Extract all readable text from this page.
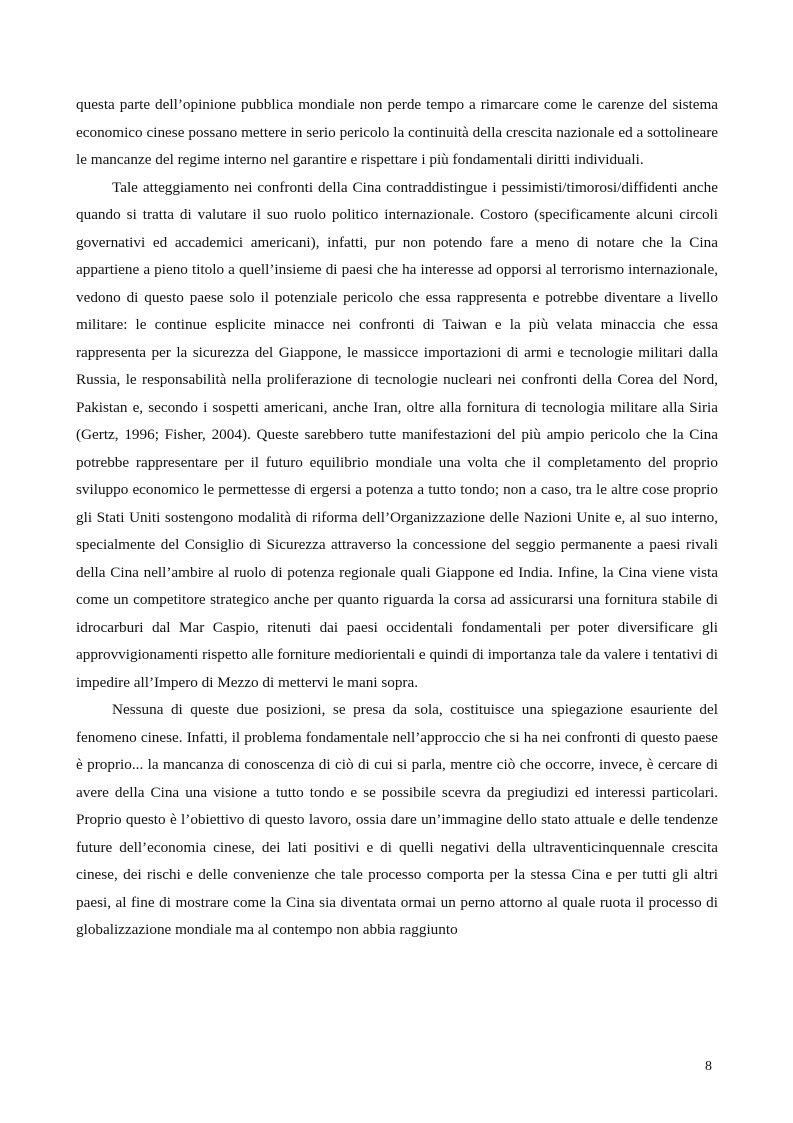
questa parte dell’opinione pubblica mondiale non perde tempo a rimarcare come le carenze del sistema economico cinese possano mettere in serio pericolo la continuità della crescita nazionale ed a sottolineare le mancanze del regime interno nel garantire e rispettare i più fondamentali diritti individuali.

Tale atteggiamento nei confronti della Cina contraddistingue i pessimisti/timorosi/diffidenti anche quando si tratta di valutare il suo ruolo politico internazionale. Costoro (specificamente alcuni circoli governativi ed accademici americani), infatti, pur non potendo fare a meno di notare che la Cina appartiene a pieno titolo a quell’insieme di paesi che ha interesse ad opporsi al terrorismo internazionale, vedono di questo paese solo il potenziale pericolo che essa rappresenta e potrebbe diventare a livello militare: le continue esplicite minacce nei confronti di Taiwan e la più velata minaccia che essa rappresenta per la sicurezza del Giappone, le massicce importazioni di armi e tecnologie militari dalla Russia, le responsabilità nella proliferazione di tecnologie nucleari nei confronti della Corea del Nord, Pakistan e, secondo i sospetti americani, anche Iran, oltre alla fornitura di tecnologia militare alla Siria (Gertz, 1996; Fisher, 2004). Queste sarebbero tutte manifestazioni del più ampio pericolo che la Cina potrebbe rappresentare per il futuro equilibrio mondiale una volta che il completamento del proprio sviluppo economico le permettesse di ergersi a potenza a tutto tondo; non a caso, tra le altre cose proprio gli Stati Uniti sostengono modalità di riforma dell’Organizzazione delle Nazioni Unite e, al suo interno, specialmente del Consiglio di Sicurezza attraverso la concessione del seggio permanente a paesi rivali della Cina nell’ambire al ruolo di potenza regionale quali Giappone ed India. Infine, la Cina viene vista come un competitore strategico anche per quanto riguarda la corsa ad assicurarsi una fornitura stabile di idrocarburi dal Mar Caspio, ritenuti dai paesi occidentali fondamentali per poter diversificare gli approvvigionamenti rispetto alle forniture mediorientali e quindi di importanza tale da valere i tentativi di impedire all’Impero di Mezzo di mettervi le mani sopra.

Nessuna di queste due posizioni, se presa da sola, costituisce una spiegazione esauriente del fenomeno cinese. Infatti, il problema fondamentale nell’approccio che si ha nei confronti di questo paese è proprio... la mancanza di conoscenza di ciò di cui si parla, mentre ciò che occorre, invece, è cercare di avere della Cina una visione a tutto tondo e se possibile scevra da pregiudizi ed interessi particolari. Proprio questo è l’obiettivo di questo lavoro, ossia dare un’immagine dello stato attuale e delle tendenze future dell’economia cinese, dei lati positivi e di quelli negativi della ultraventicinquennale crescita cinese, dei rischi e delle convenienze che tale processo comporta per la stessa Cina e per tutti gli altri paesi, al fine di mostrare come la Cina sia diventata ormai un perno attorno al quale ruota il processo di globalizzazione mondiale ma al contempo non abbia raggiunto

8
